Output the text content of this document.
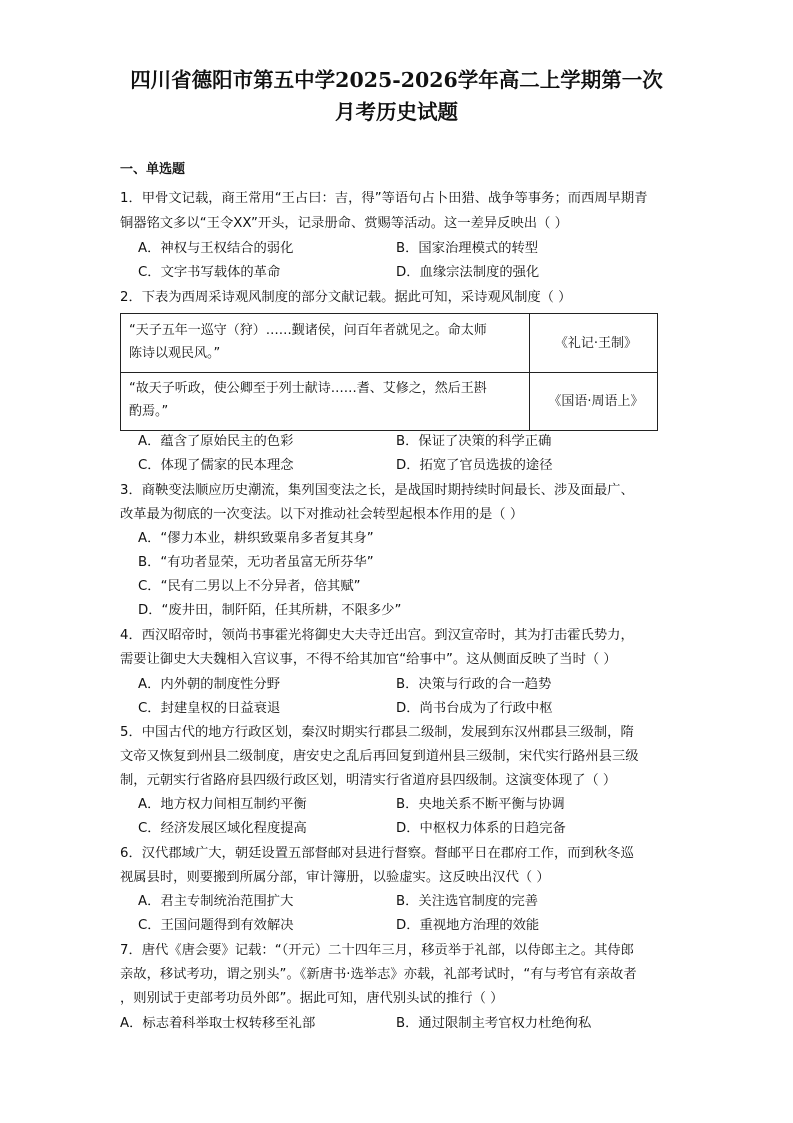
四川省德阳市第五中学2025-2026学年高二上学期第一次
月考历史试题
一、单选题
1．甲骨文记载，商王常用“王占曰：吉，得”等语句占卜田猎、战争等事务；而西周早期青
铜器铭文多以“王令XX”开头，记录册命、赏赐等活动。这一差异反映出（ ）
A．神权与王权结合的弱化	B．国家治理模式的转型
C．文字书写载体的革命	D．血缘宗法制度的强化
2．下表为西周采诗观风制度的部分文献记载。据此可知，采诗观风制度（ ）
“天子五年一巡守（狩）……觐诸侯，问百年者就见之。命太师
陈诗以观民风。”
《礼记·王制》
“故天子听政，使公卿至于列士献诗……耆、艾修之，然后王斟
酌焉。”
《国语·周语上》
A．蕴含了原始民主的色彩	B．保证了决策的科学正确
C．体现了儒家的民本理念	D．拓宽了官员选拔的途径
3．商鞅变法顺应历史潮流，集列国变法之长，是战国时期持续时间最长、涉及面最广、
改革最为彻底的一次变法。以下对推动社会转型起根本作用的是（ ）
A．“僇力本业，耕织致粟帛多者复其身”
B．“有功者显荣，无功者虽富无所芬华”
C．“民有二男以上不分异者，倍其赋”
D．“废井田，制阡陌，任其所耕，不限多少”
4．西汉昭帝时，领尚书事霍光将御史大夫寺迁出宫。到汉宣帝时，其为打击霍氏势力，
需要让御史大夫魏相入宫议事，不得不给其加官“给事中”。这从侧面反映了当时（ ）
A．内外朝的制度性分野	B．决策与行政的合一趋势
C．封建皇权的日益衰退	D．尚书台成为了行政中枢
5．中国古代的地方行政区划，秦汉时期实行郡县二级制，发展到东汉州郡县三级制，隋
文帝又恢复到州县二级制度，唐安史之乱后再回复到道州县三级制，宋代实行路州县三级
制，元朝实行省路府县四级行政区划，明清实行省道府县四级制。这演变体现了（ ）
A．地方权力间相互制约平衡	B．央地关系不断平衡与协调
C．经济发展区域化程度提高	D．中枢权力体系的日趋完备
6．汉代郡域广大，朝廷设置五部督邮对县进行督察。督邮平日在郡府工作，而到秋冬巡
视属县时，则要搬到所属分部，审计簿册，以验虚实。这反映出汉代（ ）
A．君主专制统治范围扩大	B．关注选官制度的完善
C．王国问题得到有效解决	D．重视地方治理的效能
7．唐代《唐会要》记载：“（开元）二十四年三月，移贡举于礼部，以侍郎主之。其侍郎
亲故，移试考功，谓之别头”。《新唐书·选举志》亦载，礼部考试时，“有与考官有亲故者
，则别试于吏部考功员外郎”。据此可知，唐代别头试的推行（ ）
A．标志着科举取士权转移至礼部	B．通过限制主考官权力杜绝徇私
